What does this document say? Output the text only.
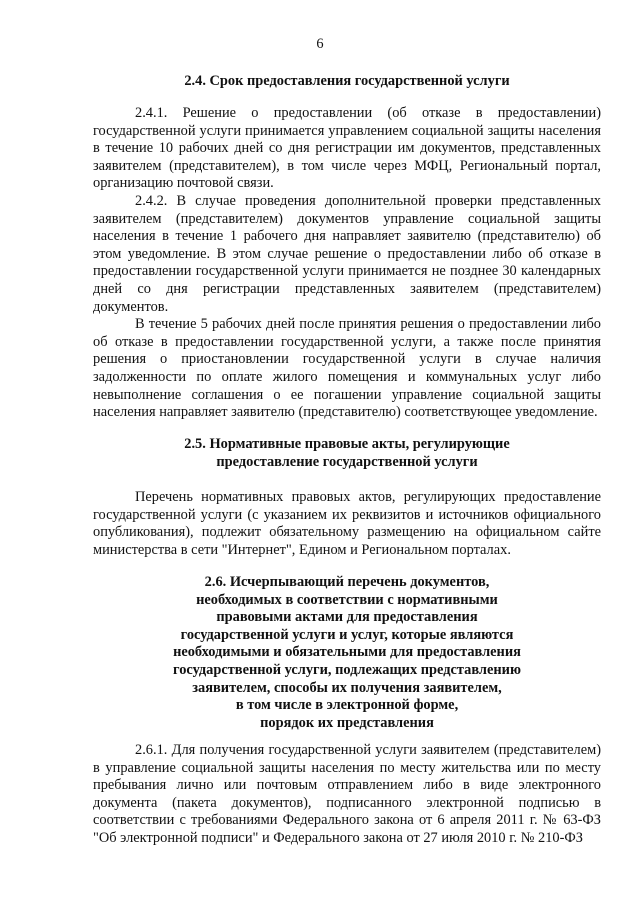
6
2.4. Срок предоставления государственной услуги

2.4.1. Решение о предоставлении (об отказе в предоставлении) государственной услуги принимается управлением социальной защиты населения в течение 10 рабочих дней со дня регистрации им документов, представленных заявителем (представителем), в том числе через МФЦ, Региональный портал, организацию почтовой связи.

2.4.2. В случае проведения дополнительной проверки представленных заявителем (представителем) документов управление социальной защиты населения в течение 1 рабочего дня направляет заявителю (представителю) об этом уведомление. В этом случае решение о предоставлении либо об отказе в предоставлении государственной услуги принимается не позднее 30 календарных дней со дня регистрации представленных заявителем (представителем) документов.

В течение 5 рабочих дней после принятия решения о предоставлении либо об отказе в предоставлении государственной услуги, а также после принятия решения о приостановлении государственной услуги в случае наличия задолженности по оплате жилого помещения и коммунальных услуг либо невыполнение соглашения о ее погашении управление социальной защиты населения направляет заявителю (представителю) соответствующее уведомление.

2.5. Нормативные правовые акты, регулирующие
предоставление государственной услуги

Перечень нормативных правовых актов, регулирующих предоставление государственной услуги (с указанием их реквизитов и источников официального опубликования), подлежит обязательному размещению на официальном сайте министерства в сети "Интернет", Едином и Региональном порталах.

2.6. Исчерпывающий перечень документов,
необходимых в соответствии с нормативными
правовыми актами для предоставления
государственной услуги и услуг, которые являются
необходимыми и обязательными для предоставления
государственной услуги, подлежащих представлению
заявителем, способы их получения заявителем,
в том числе в электронной форме,
порядок их представления

2.6.1. Для получения государственной услуги заявителем (представителем) в управление социальной защиты населения по месту жительства или по месту пребывания лично или почтовым отправлением либо в виде электронного документа (пакета документов), подписанного электронной подписью в соответствии с требованиями Федерального закона от 6 апреля 2011 г. № 63-ФЗ "Об электронной подписи" и Федерального закона от 27 июля 2010 г. № 210-ФЗ
